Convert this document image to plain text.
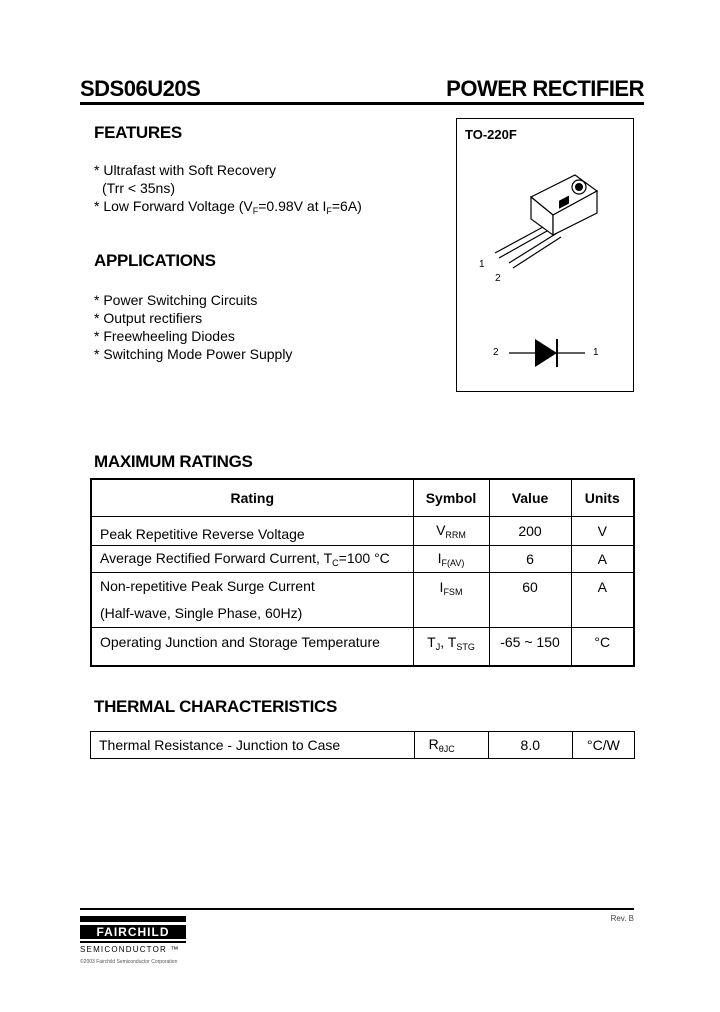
SDS06U20S	POWER RECTIFIER
FEATURES
* Ultrafast with Soft Recovery
(Trr < 35ns)
* Low Forward Voltage ($V_F=0.98V$ at $I_F=6A$)
APPLICATIONS
* Power Switching Circuits
* Output rectifiers
* Freewheeling Diodes
* Switching Mode Power Supply
TO-220F
1
2
2	1
MAXIMUM RATINGS
Rating	Symbol	Value	Units
Peak Repetitive Reverse Voltage	$V_{RRM}$	200	V
Average Rectified Forward Current, $T_C=100$ °C	$I_{F(AV)}$	6	A

Non-repetitive Peak Surge Current
(Half-wave, Single Phase, 60Hz)	$I_{FSM}$	60	A
Operating Junction and Storage Temperature	$T_J$, $T_{STG}$	-65 ~ 150	°C
THERMAL CHARACTERISTICS
Thermal Resistance - Junction to Case	$R_{\theta JC}$	8.0	°C/W
Rev. B
FAIRCHILD
SEMICONDUCTOR ™
©2003 Fairchild Semiconductor Corporation
